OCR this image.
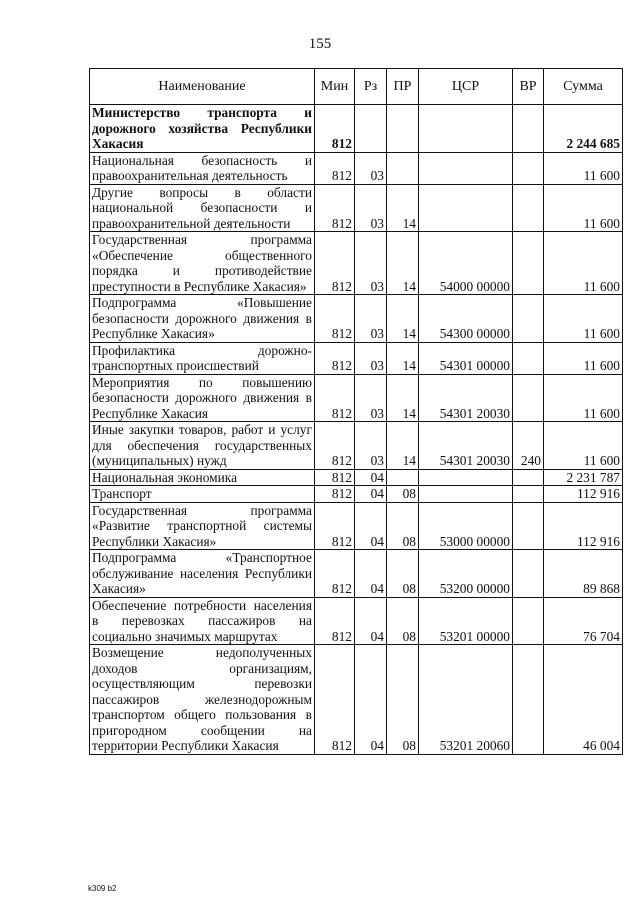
155
Наименование	Мин	Рз	ПР	ЦСР	ВР	Сумма
Министерство транспорта и дорожного хозяйства Республики Хакасия	812					2 244 685
Национальная безопасность и правоохранительная деятельность	812	03				11 600
Другие вопросы в области национальной безопасности и правоохранительной деятельности	812	03	14			11 600
Государственная программа «Обеспечение общественного порядка и противодействие преступности в Республике Хакасия»	812	03	14	54000 00000		11 600
Подпрограмма «Повышение безопасности дорожного движения в Республике Хакасия»	812	03	14	54300 00000		11 600
Профилактика дорожно-транспортных происшествий	812	03	14	54301 00000		11 600
Мероприятия по повышению безопасности дорожного движения в Республике Хакасия	812	03	14	54301 20030		11 600
Иные закупки товаров, работ и услуг для обеспечения государственных (муниципальных) нужд	812	03	14	54301 20030	240	11 600
Национальная экономика	812	04				2 231 787
Транспорт	812	04	08			112 916
Государственная программа «Развитие транспортной системы Республики Хакасия»	812	04	08	53000 00000		112 916
Подпрограмма «Транспортное обслуживание населения Республики Хакасия»	812	04	08	53200 00000		89 868
Обеспечение потребности населения в перевозках пассажиров на социально значимых маршрутах	812	04	08	53201 00000		76 704
Возмещение недополученных доходов организациям, осуществляющим перевозки пассажиров железнодорожным транспортом общего пользования в пригородном сообщении на территории Республики Хакасия	812	04	08	53201 20060		46 004
k309 b2
